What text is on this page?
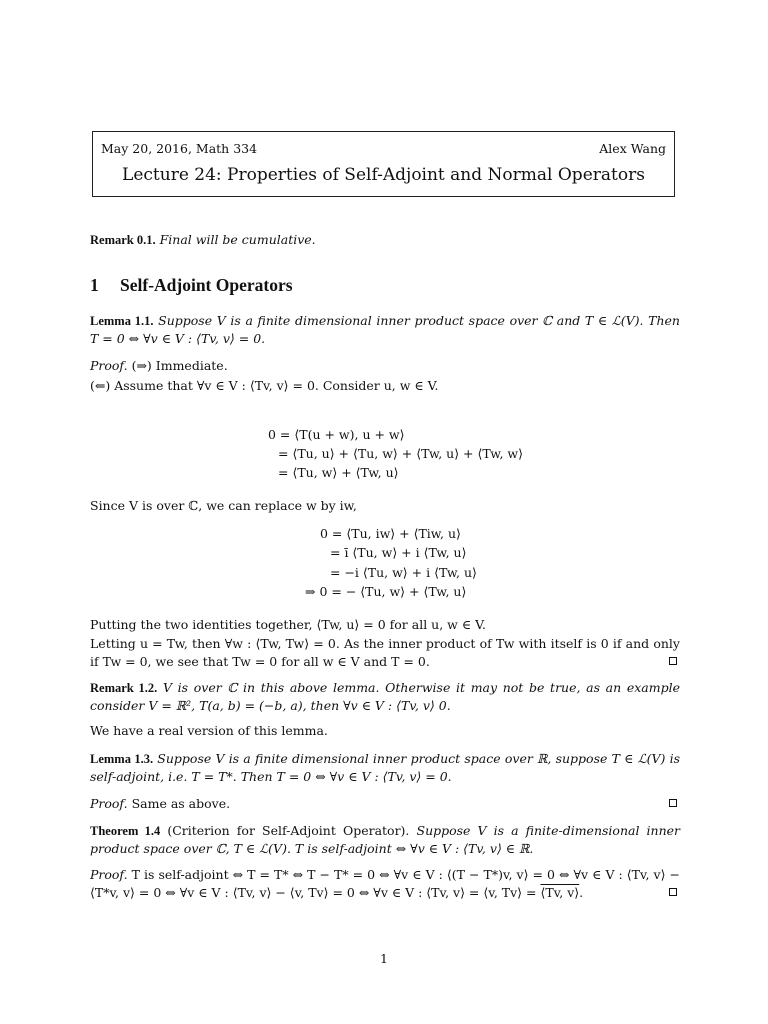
May 20, 2016, Math 334	Alex Wang
Lecture 24: Properties of Self-Adjoint and Normal Operators
Remark 0.1. Final will be cumulative.
1 Self-Adjoint Operators
Lemma 1.1. Suppose V is a finite dimensional inner product space over ℂ and T ∈ ℒ(V). Then T = 0 ⇔ ∀v ∈ V : ⟨Tv, v⟩ = 0.
Proof. (⇒) Immediate.
(⇐) Assume that ∀v ∈ V : ⟨Tv, v⟩ = 0. Consider u, w ∈ V.
0 = ⟨T(u + w), u + w⟩
= ⟨Tu, u⟩ + ⟨Tu, w⟩ + ⟨Tw, u⟩ + ⟨Tw, w⟩
= ⟨Tu, w⟩ + ⟨Tw, u⟩
Since V is over ℂ, we can replace w by iw,
0 = ⟨Tu, iw⟩ + ⟨Tiw, u⟩
= ī ⟨Tu, w⟩ + i ⟨Tw, u⟩
= −i ⟨Tu, w⟩ + i ⟨Tw, u⟩
⇒ 0 = − ⟨Tu, w⟩ + ⟨Tw, u⟩
Putting the two identities together, ⟨Tw, u⟩ = 0 for all u, w ∈ V.
Letting u = Tw, then ∀w : ⟨Tw, Tw⟩ = 0. As the inner product of Tw with itself is 0 if and only if Tw = 0, we see that Tw = 0 for all w ∈ V and T = 0.
Remark 1.2. V is over ℂ in this above lemma. Otherwise it may not be true, as an example consider V = ℝ², T(a, b) = (−b, a), then ∀v ∈ V : ⟨Tv, v⟩ 0.
We have a real version of this lemma.
Lemma 1.3. Suppose V is a finite dimensional inner product space over ℝ, suppose T ∈ ℒ(V) is self-adjoint, i.e. T = T*. Then T = 0 ⇔ ∀v ∈ V : ⟨Tv, v⟩ = 0.
Proof. Same as above.
Theorem 1.4 (Criterion for Self-Adjoint Operator). Suppose V is a finite-dimensional inner product space over ℂ, T ∈ ℒ(V). T is self-adjoint ⇔ ∀v ∈ V : ⟨Tv, v⟩ ∈ ℝ.
Proof. T is self-adjoint ⇔ T = T* ⇔ T − T* = 0 ⇔ ∀v ∈ V : ⟨(T − T*)v, v⟩ = 0 ⇔ ∀v ∈ V : ⟨Tv, v⟩ − ⟨T*v, v⟩ = 0 ⇔ ∀v ∈ V : ⟨Tv, v⟩ − ⟨v, Tv⟩ = 0 ⇔ ∀v ∈ V : ⟨Tv, v⟩ = ⟨v, Tv⟩ = ⟨Tv, v⟩.
1
